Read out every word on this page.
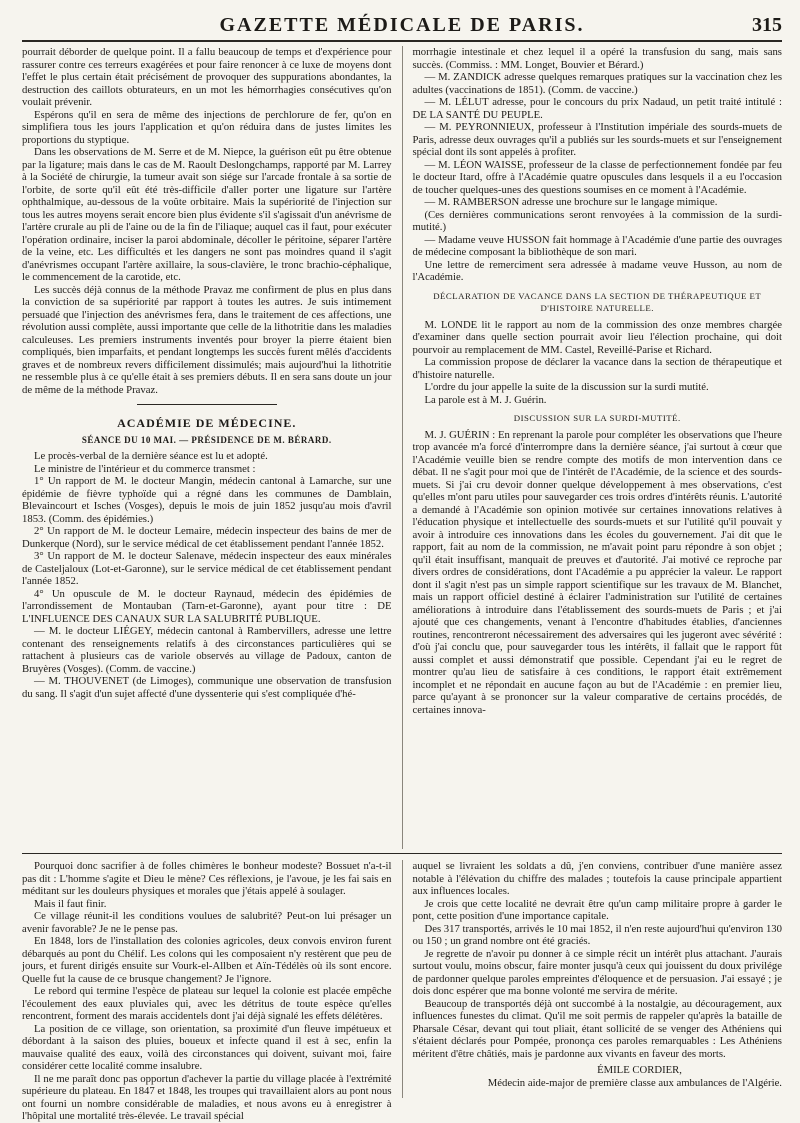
GAZETTE MÉDICALE DE PARIS.	315

pourrait déborder de quelque point. Il a fallu beaucoup de temps et d'expérience pour rassurer contre ces terreurs exagérées et pour faire renoncer à ce luxe de moyens dont l'effet le plus certain était précisément de provoquer des suppurations abondantes, la destruction des caillots obturateurs, en un mot les hémorrhagies consécutives qu'on voulait prévenir.

Espérons qu'il en sera de même des injections de perchlorure de fer, qu'on en simplifiera tous les jours l'application et qu'on réduira dans de justes limites les proportions du styptique.

Dans les observations de M. Serre et de M. Niepce, la guérison eût pu être obtenue par la ligature; mais dans le cas de M. Raoult Deslongchamps, rapporté par M. Larrey à la Société de chirurgie, la tumeur avait son siége sur l'arcade frontale à sa sortie de l'orbite, de sorte qu'il eût été très-difficile d'aller porter une ligature sur l'artère ophthalmique, au-dessous de la voûte orbitaire. Mais la supériorité de l'injection sur tous les autres moyens serait encore bien plus évidente s'il s'agissait d'un anévrisme de l'artère crurale au pli de l'aine ou de la fin de l'iliaque; auquel cas il faut, pour exécuter l'opération ordinaire, inciser la paroi abdominale, décoller le péritoine, séparer l'artère de la veine, etc. Les difficultés et les dangers ne sont pas moindres quand il s'agit d'anévrismes occupant l'artère axillaire, la sous-clavière, le tronc brachio-céphalique, le commencement de la carotide, etc.

Les succès déjà connus de la méthode Pravaz me confirment de plus en plus dans la conviction de sa supériorité par rapport à toutes les autres. Je suis intimement persuadé que l'injection des anévrismes fera, dans le traitement de ces affections, une révolution aussi complète, aussi importante que celle de la lithotritie dans les maladies calculeuses. Les premiers instruments inventés pour broyer la pierre étaient bien compliqués, bien imparfaits, et pendant longtemps les succès furent mêlés d'accidents graves et de nombreux revers difficilement dissimulés; mais aujourd'hui la lithotritie ne ressemble plus à ce qu'elle était à ses premiers débuts. Il en sera sans doute un jour de même de la méthode Pravaz.

ACADÉMIE DE MÉDECINE.
SÉANCE DU 10 MAI. — PRÉSIDENCE DE M. BÉRARD.

Le procès-verbal de la dernière séance est lu et adopté.

Le ministre de l'intérieur et du commerce transmet :

1° Un rapport de M. le docteur Mangin, médecin cantonal à Lamarche, sur une épidémie de fièvre typhoïde qui a régné dans les communes de Damblain, Blevaincourt et Isches (Vosges), depuis le mois de juin 1852 jusqu'au mois d'avril 1853. (Comm. des épidémies.)

2° Un rapport de M. le docteur Lemaire, médecin inspecteur des bains de mer de Dunkerque (Nord), sur le service médical de cet établissement pendant l'année 1852.

3° Un rapport de M. le docteur Salenave, médecin inspecteur des eaux minérales de Casteljaloux (Lot-et-Garonne), sur le service médical de cet établissement pendant l'année 1852.

4° Un opuscule de M. le docteur Raynaud, médecin des épidémies de l'arrondissement de Montauban (Tarn-et-Garonne), ayant pour titre : DE L'INFLUENCE DES CANAUX SUR LA SALUBRITÉ PUBLIQUE.

— M. le docteur LIÉGEY, médecin cantonal à Rambervillers, adresse une lettre contenant des renseignements relatifs à des circonstances particulières qui se rattachent à plusieurs cas de variole observés au village de Padoux, canton de Bruyères (Vosges). (Comm. de vaccine.)

— M. THOUVENET (de Limoges), communique une observation de transfusion du sang. Il s'agit d'un sujet affecté d'une dyssenterie qui s'est compliquée d'hé-

morrhagie intestinale et chez lequel il a opéré la transfusion du sang, mais sans succès. (Commiss. : MM. Longet, Bouvier et Bérard.)

— M. ZANDICK adresse quelques remarques pratiques sur la vaccination chez les adultes (vaccinations de 1851). (Comm. de vaccine.)

— M. LÉLUT adresse, pour le concours du prix Nadaud, un petit traité intitulé : DE LA SANTÉ DU PEUPLE.

— M. PEYRONNIEUX, professeur à l'Institution impériale des sourds-muets de Paris, adresse deux ouvrages qu'il a publiés sur les sourds-muets et sur l'enseignement spécial dont ils sont appelés à profiter.

— M. LÉON WAISSE, professeur de la classe de perfectionnement fondée par feu le docteur Itard, offre à l'Académie quatre opuscules dans lesquels il a eu l'occasion de toucher quelques-unes des questions soumises en ce moment à l'Académie.

— M. RAMBERSON adresse une brochure sur le langage mimique.

(Ces dernières communications seront renvoyées à la commission de la surdi-mutité.)

— Madame veuve HUSSON fait hommage à l'Académie d'une partie des ouvrages de médecine composant la bibliothèque de son mari.

Une lettre de remerciment sera adressée à madame veuve Husson, au nom de l'Académie.

DÉCLARATION DE VACANCE DANS LA SECTION DE THÉRAPEUTIQUE ET D'HISTOIRE NATURELLE.

M. LONDE lit le rapport au nom de la commission des onze membres chargée d'examiner dans quelle section pourrait avoir lieu l'élection prochaine, qui doit pourvoir au remplacement de MM. Castel, Reveillé-Parise et Richard.

La commission propose de déclarer la vacance dans la section de thérapeutique et d'histoire naturelle.

L'ordre du jour appelle la suite de la discussion sur la surdi mutité.

La parole est à M. J. Guérin.

DISCUSSION SUR LA SURDI-MUTITÉ.

M. J. GUÉRIN : En reprenant la parole pour compléter les observations que l'heure trop avancée m'a forcé d'interrompre dans la dernière séance, j'ai surtout à cœur que l'Académie veuille bien se rendre compte des motifs de mon intervention dans ce débat. Il ne s'agit pour moi que de l'intérêt de l'Académie, de la science et des sourds-muets. Si j'ai cru devoir donner quelque développement à mes observations, c'est qu'elles m'ont paru utiles pour sauvegarder ces trois ordres d'intérêts réunis. L'autorité a demandé à l'Académie son opinion motivée sur certaines innovations relatives à l'éducation physique et intellectuelle des sourds-muets et sur l'utilité qu'il pouvait y avoir à introduire ces innovations dans les écoles du gouvernement. J'ai dit que le rapport, fait au nom de la commission, ne m'avait point paru répondre à son objet ; qu'il était insuffisant, manquait de preuves et d'autorité. J'ai motivé ce reproche par divers ordres de considérations, dont l'Académie a pu apprécier la valeur. Le rapport dont il s'agit n'est pas un simple rapport scientifique sur les travaux de M. Blanchet, mais un rapport officiel destiné à éclairer l'administration sur l'utilité de certaines améliorations à introduire dans l'établissement des sourds-muets de Paris ; et j'ai ajouté que ces changements, venant à l'encontre d'habitudes établies, d'anciennes routines, rencontreront nécessairement des adversaires qui les jugeront avec sévérité : d'où j'ai conclu que, pour sauvegarder tous les intérêts, il fallait que le rapport fût aussi complet et aussi démonstratif que possible. Cependant j'ai eu le regret de montrer qu'au lieu de satisfaire à ces conditions, le rapport était extrêmement incomplet et ne répondait en aucune façon au but de l'Académie : en premier lieu, parce qu'ayant à se prononcer sur la valeur comparative de certains procédés, de certaines innova-

Pourquoi donc sacrifier à de folles chimères le bonheur modeste? Bossuet n'a-t-il pas dit : L'homme s'agite et Dieu le mène? Ces réflexions, je l'avoue, je les fai sais en méditant sur les douleurs physiques et morales que j'étais appelé à soulager.

Mais il faut finir.

Ce village réunit-il les conditions voulues de salubrité? Peut-on lui présager un avenir favorable? Je ne le pense pas.

En 1848, lors de l'installation des colonies agricoles, deux convois environ furent débarqués au pont du Chélif. Les colons qui les composaient n'y restèrent que peu de jours, et furent dirigés ensuite sur Vourk-el-Allben et Aïn-Tédélès où ils sont encore. Quelle fut la cause de ce brusque changement? Je l'ignore.

Le rebord qui termine l'espèce de plateau sur lequel la colonie est placée empêche l'écoulement des eaux pluviales qui, avec les détritus de toute espèce qu'elles rencontrent, forment des marais accidentels dont j'ai déjà signalé les effets délétères.

La position de ce village, son orientation, sa proximité d'un fleuve impétueux et débordant à la saison des pluies, boueux et infecte quand il est à sec, enfin la mauvaise qualité des eaux, voilà des circonstances qui doivent, suivant moi, faire considérer cette localité comme insalubre.

Il ne me paraît donc pas opportun d'achever la partie du village placée à l'extrémité supérieure du plateau. En 1847 et 1848, les troupes qui travaillaient alors au pont nous ont fourni un nombre considérable de maladies, et nous avons eu à enregistrer à l'hôpital une mortalité très-élevée. Le travail spécial

auquel se livraient les soldats a dû, j'en conviens, contribuer d'une manière assez notable à l'élévation du chiffre des malades ; toutefois la cause principale appartient aux influences locales.

Je crois que cette localité ne devrait être qu'un camp militaire propre à garder le pont, cette position d'une importance capitale.

Des 317 transportés, arrivés le 10 mai 1852, il n'en reste aujourd'hui qu'environ 130 ou 150 ; un grand nombre ont été graciés.

Je regrette de n'avoir pu donner à ce simple récit un intérêt plus attachant. J'aurais surtout voulu, moins obscur, faire monter jusqu'à ceux qui jouissent du doux privilége de pardonner quelque paroles empreintes d'éloquence et de persuasion. J'ai essayé ; je dois donc espérer que ma bonne volonté me servira de mérite.

Beaucoup de transportés déjà ont succombé à la nostalgie, au découragement, aux influences funestes du climat. Qu'il me soit permis de rappeler qu'après la bataille de Pharsale César, devant qui tout pliait, étant sollicité de se venger des Athéniens qui s'étaient déclarés pour Pompée, prononça ces paroles remarquables : Les Athéniens méritent d'être châtiés, mais je pardonne aux vivants en faveur des morts.

ÉMILE CORDIER,

Médecin aide-major de première classe aux ambulances de l'Algérie.
